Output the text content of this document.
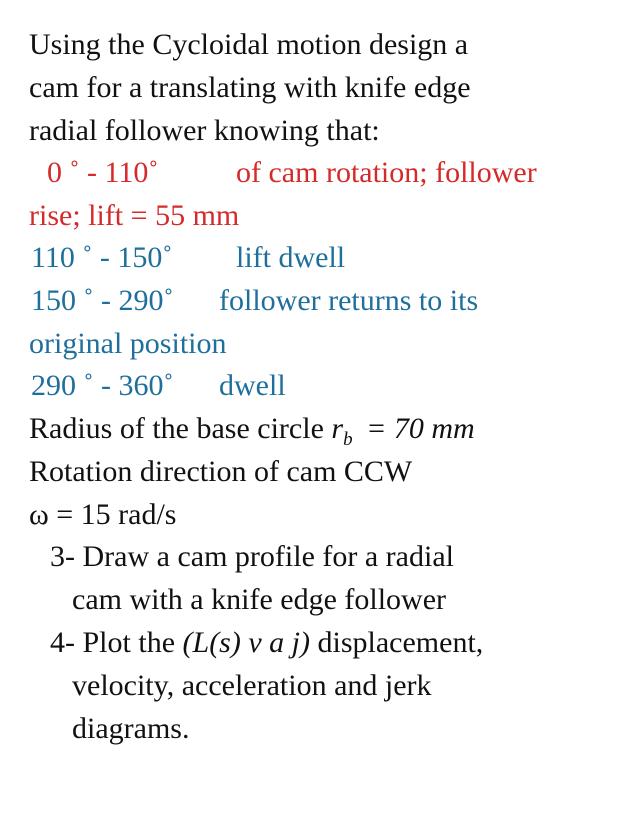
Using the Cycloidal motion design a
cam for a translating with knife edge
radial follower knowing that:
0 ˚ - 110˚	of cam rotation; follower
rise; lift = 55 mm
110 ˚ - 150˚ lift dwell
150 ˚ - 290˚ follower returns to its
original position
290 ˚ - 360˚ dwell
Radius of the base circle $r_b = 70$ mm
Rotation direction of cam CCW
ω = 15 rad/s
3- Draw a cam profile for a radial
cam with a knife edge follower
4- Plot the (L(s) v a j) displacement,
velocity, acceleration and jerk
diagrams.
